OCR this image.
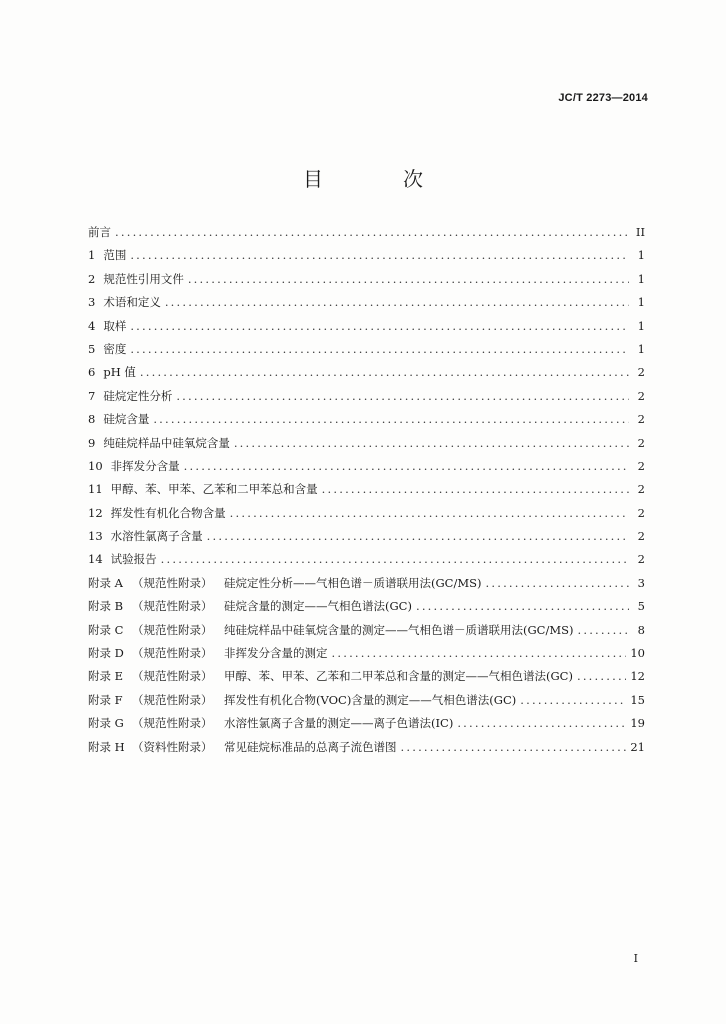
JC/T 2273—2014
目　次
前言 .....	II
1 范围 .....	1
2 规范性引用文件 .....	1
3 术语和定义 .....	1
4 取样 .....	1
5 密度 .....	1
6 pH 值 .....	2
7 硅烷定性分析 .....	2
8 硅烷含量 .....	2
9 纯硅烷样品中硅氧烷含量 .....	2
10 非挥发分含量 .....	2
11 甲醇、苯、甲苯、乙苯和二甲苯总和含量 .....	2
12 挥发性有机化合物含量 .....	2
13 水溶性氯离子含量 .....	2
14 试验报告 .....	2
附录 A （规范性附录）	硅烷定性分析——气相色谱－质谱联用法(GC/MS) .....	3
附录 B （规范性附录）	硅烷含量的测定——气相色谱法(GC) .....	5
附录 C （规范性附录）	纯硅烷样品中硅氧烷含量的测定——气相色谱－质谱联用法(GC/MS) .....	8
附录 D （规范性附录）	非挥发分含量的测定 .....	10
附录 E （规范性附录）	甲醇、苯、甲苯、乙苯和二甲苯总和含量的测定——气相色谱法(GC) .....	12
附录 F （规范性附录）	挥发性有机化合物(VOC)含量的测定——气相色谱法(GC) .....	15
附录 G （规范性附录）	水溶性氯离子含量的测定——离子色谱法(IC) .....	19
附录 H （资料性附录）	常见硅烷标准品的总离子流色谱图 .....	21
I
